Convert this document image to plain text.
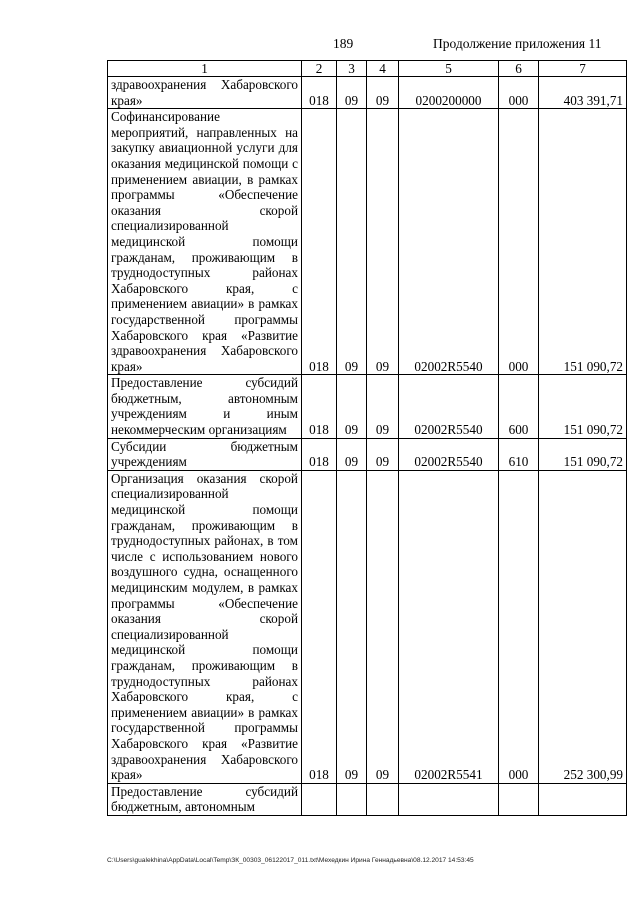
189	Продолжение приложения 11
1	2	3	4	5	6	7
здравоохранения Хабаровского края»	018	09	09	0200200000	000	403 391,71
Софинансирование мероприятий, направленных на закупку авиационной услуги для оказания медицинской помощи с применением авиации, в рамках программы «Обеспечение оказания скорой специализированной медицинской помощи гражданам, проживающим в труднодоступных районах Хабаровского края, с применением авиации» в рамках государственной программы Хабаровского края «Развитие здравоохранения Хабаровского края»	018	09	09	02002R5540	000	151 090,72
Предоставление субсидий бюджетным, автономным учреждениям и иным некоммерческим организациям	018	09	09	02002R5540	600	151 090,72
Субсидии бюджетным учреждениям	018	09	09	02002R5540	610	151 090,72
Организация оказания скорой специализированной медицинской помощи гражданам, проживающим в труднодоступных районах, в том числе с использованием нового воздушного судна, оснащенного медицинским модулем, в рамках программы «Обеспечение оказания скорой специализированной медицинской помощи гражданам, проживающим в труднодоступных районах Хабаровского края, с применением авиации» в рамках государственной программы Хабаровского края «Развитие здравоохранения Хабаровского края»	018	09	09	02002R5541	000	252 300,99
Предоставление субсидий бюджетным, автономным						
C:\Users\gualekhina\AppData\Local\Temp\ЗК_00303_06122017_011.txt\Мехедкин Ирина Геннадьевна\08.12.2017 14:53:45
